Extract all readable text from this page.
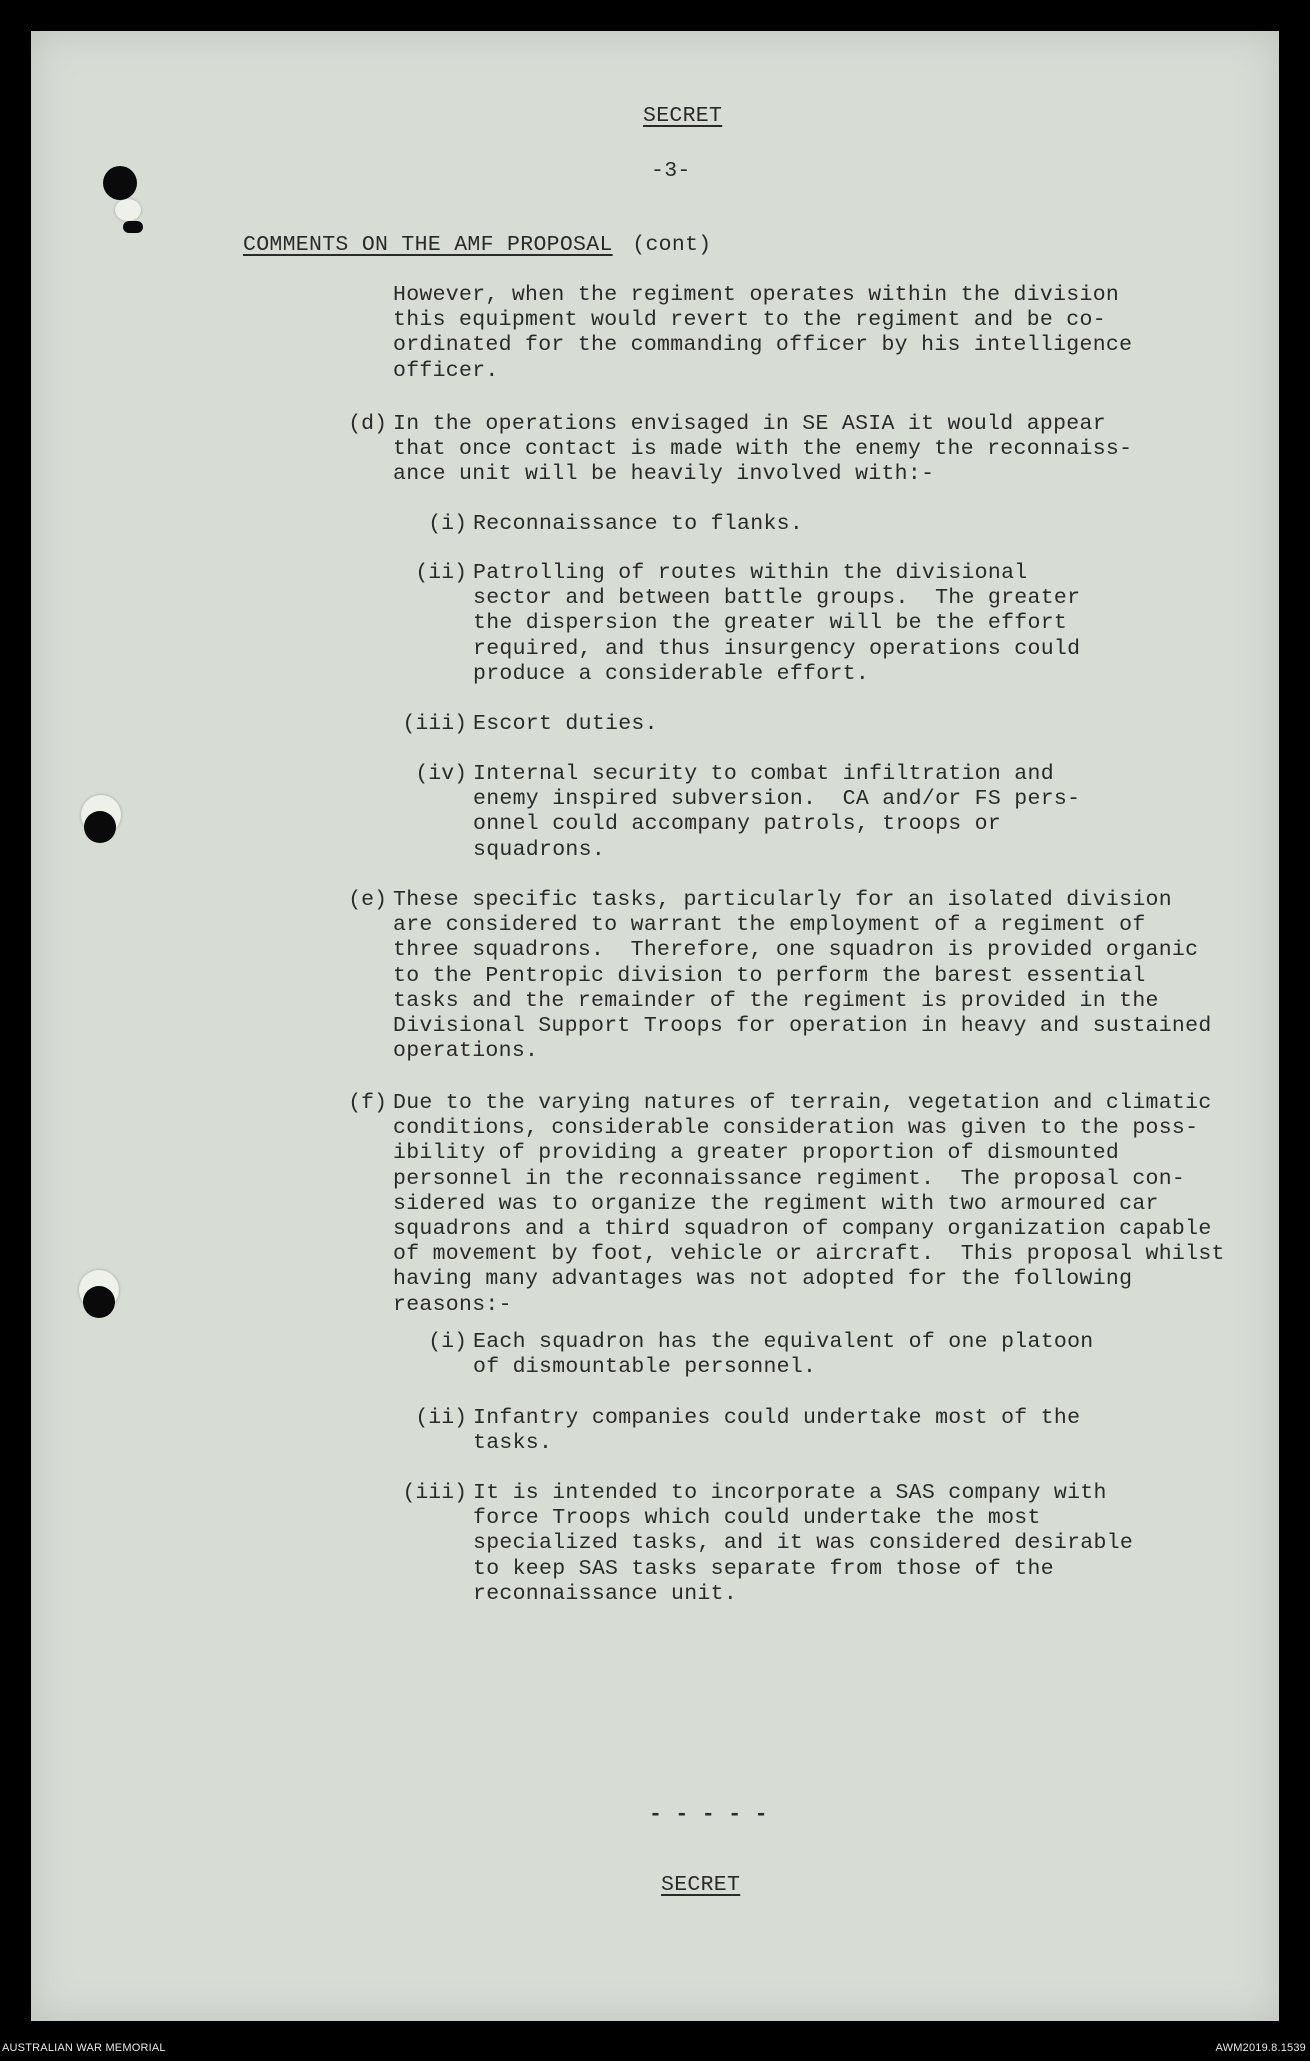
SECRET
-3-
COMMENTS ON THE AMF PROPOSAL (cont)
However, when the regiment operates within the division
this equipment would revert to the regiment and be co-
ordinated for the commanding officer by his intelligence
officer.
(d) In the operations envisaged in SE ASIA it would appear
that once contact is made with the enemy the reconnaiss-
ance unit will be heavily involved with:-
(i) Reconnaissance to flanks.
(ii) Patrolling of routes within the divisional
sector and between battle groups.  The greater
the dispersion the greater will be the effort
required, and thus insurgency operations could
produce a considerable effort.
(iii) Escort duties.
(iv) Internal security to combat infiltration and
enemy inspired subversion.  CA and/or FS pers-
onnel could accompany patrols, troops or
squadrons.
(e) These specific tasks, particularly for an isolated division
are considered to warrant the employment of a regiment of
three squadrons.  Therefore, one squadron is provided organic
to the Pentropic division to perform the barest essential
tasks and the remainder of the regiment is provided in the
Divisional Support Troops for operation in heavy and sustained
operations.
(f) Due to the varying natures of terrain, vegetation and climatic
conditions, considerable consideration was given to the poss-
ibility of providing a greater proportion of dismounted
personnel in the reconnaissance regiment.  The proposal con-
sidered was to organize the regiment with two armoured car
squadrons and a third squadron of company organization capable
of movement by foot, vehicle or aircraft.  This proposal whilst
having many advantages was not adopted for the following
reasons:-
(i) Each squadron has the equivalent of one platoon
of dismountable personnel.
(ii) Infantry companies could undertake most of the
tasks.
(iii) It is intended to incorporate a SAS company with
force Troops which could undertake the most
specialized tasks, and it was considered desirable
to keep SAS tasks separate from those of the
reconnaissance unit.
- - - - -
SECRET
AUSTRALIAN WAR MEMORIAL	AWM2019.8.1539
